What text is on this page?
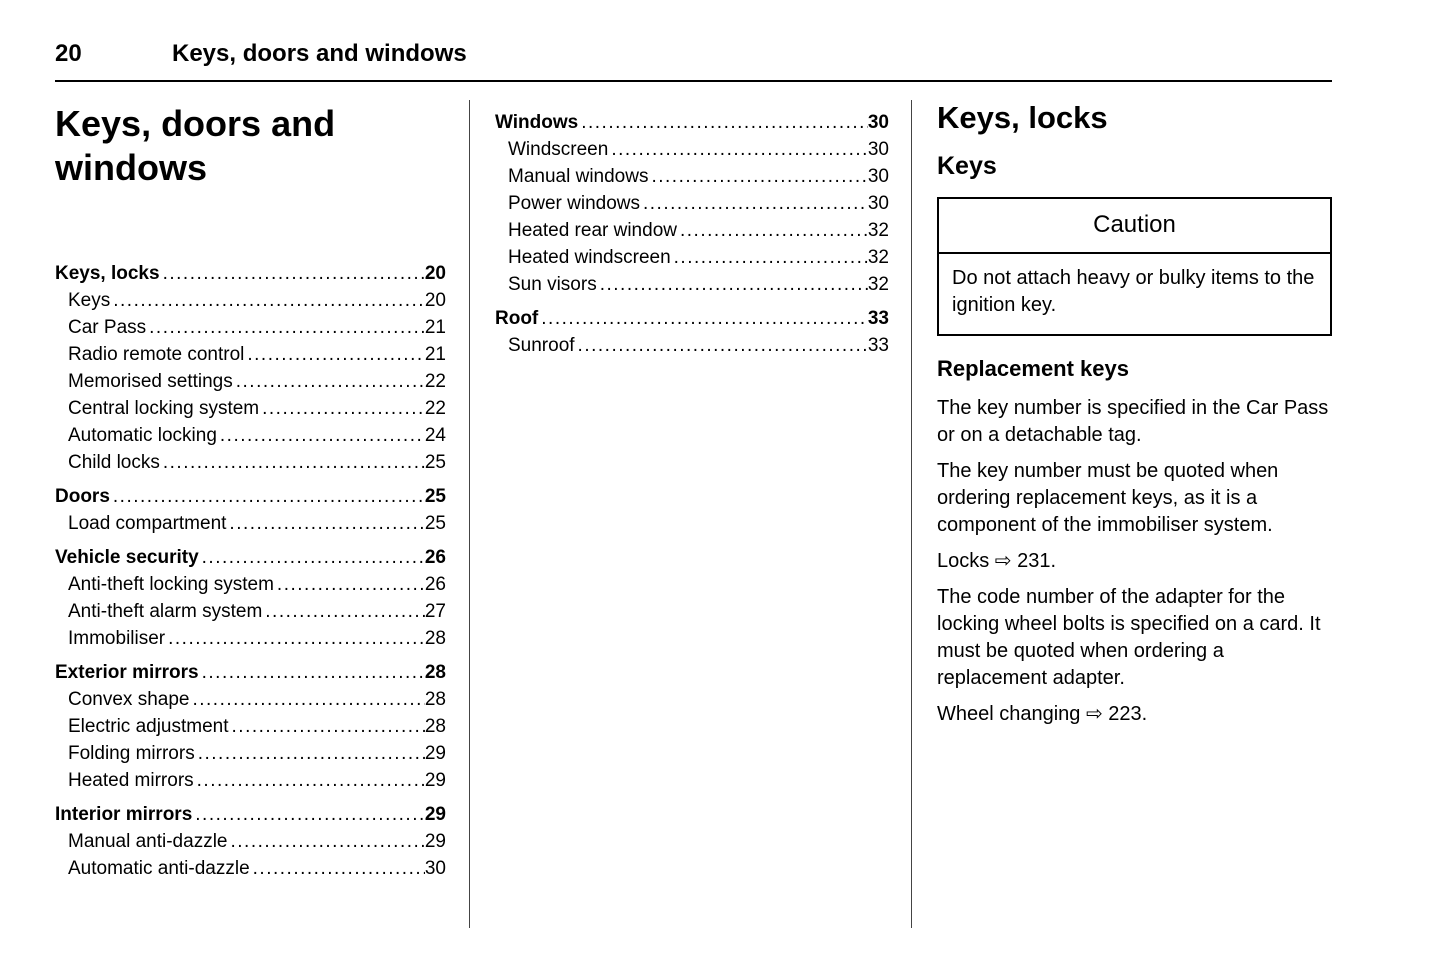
20	Keys, doors and windows
Keys, doors and windows
Keys, locks .....	20
Keys .....	20
Car Pass .....	21
Radio remote control .....	21
Memorised settings .....	22
Central locking system .....	22
Automatic locking .....	24
Child locks .....	25
Doors .....	25
Load compartment .....	25
Vehicle security .....	26
Anti-theft locking system .....	26
Anti-theft alarm system .....	27
Immobiliser .....	28
Exterior mirrors .....	28
Convex shape .....	28
Electric adjustment .....	28
Folding mirrors .....	29
Heated mirrors .....	29
Interior mirrors .....	29
Manual anti-dazzle .....	29
Automatic anti-dazzle .....	30
Windows .....	30
Windscreen .....	30
Manual windows .....	30
Power windows .....	30
Heated rear window .....	32
Heated windscreen .....	32
Sun visors .....	32
Roof .....	33
Sunroof .....	33
Keys, locks
Keys
Caution
Do not attach heavy or bulky items to the ignition key.
Replacement keys

The key number is specified in the Car Pass or on a detachable tag.

The key number must be quoted when ordering replacement keys, as it is a component of the immobiliser system.

Locks ⇨ 231.

The code number of the adapter for the locking wheel bolts is specified on a card. It must be quoted when ordering a replacement adapter.

Wheel changing ⇨ 223.
